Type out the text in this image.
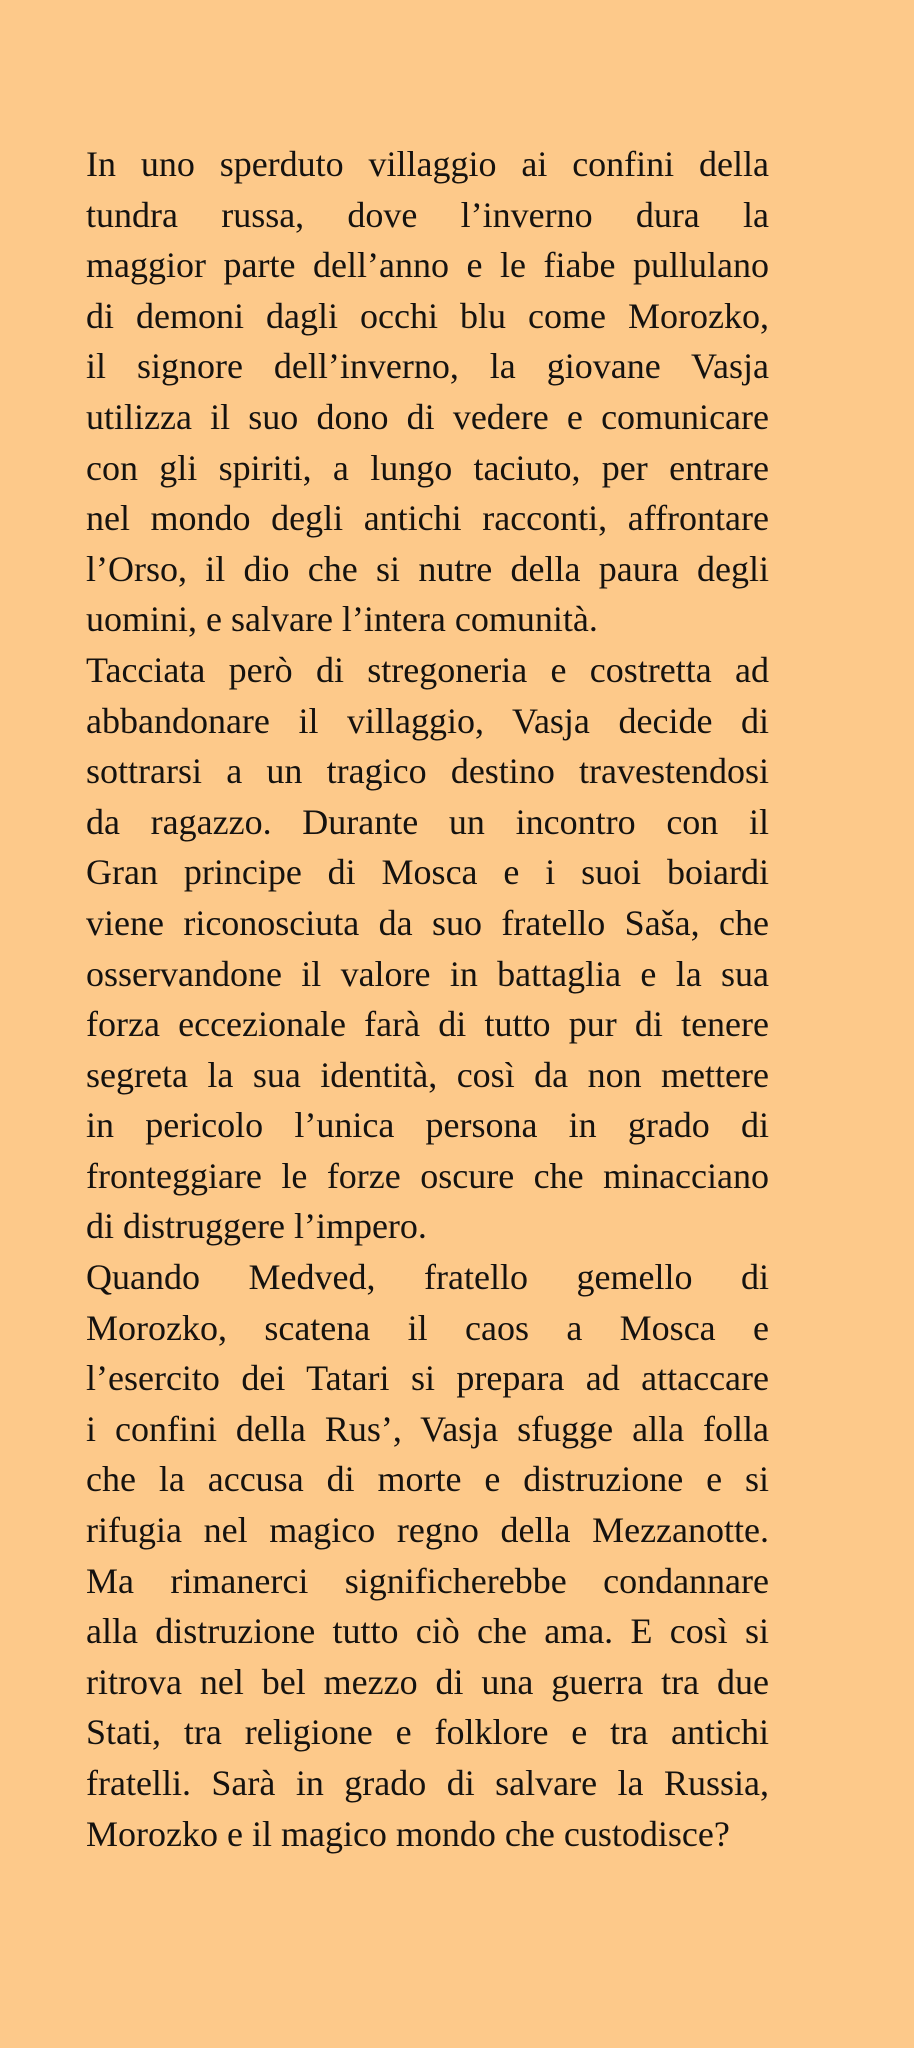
In uno sperduto villaggio ai confini della
tundra russa, dove l’inverno dura la
maggior parte dell’anno e le fiabe pullulano
di demoni dagli occhi blu come Morozko,
il signore dell’inverno, la giovane Vasja
utilizza il suo dono di vedere e comunicare
con gli spiriti, a lungo taciuto, per entrare
nel mondo degli antichi racconti, affrontare
l’Orso, il dio che si nutre della paura degli
uomini, e salvare l’intera comunità.

Tacciata però di stregoneria e costretta ad
abbandonare il villaggio, Vasja decide di
sottrarsi a un tragico destino travestendosi
da ragazzo. Durante un incontro con il
Gran principe di Mosca e i suoi boiardi
viene riconosciuta da suo fratello Saša, che
osservandone il valore in battaglia e la sua
forza eccezionale farà di tutto pur di tenere
segreta la sua identità, così da non mettere
in pericolo l’unica persona in grado di
fronteggiare le forze oscure che minacciano
di distruggere l’impero.

Quando Medved, fratello gemello di
Morozko, scatena il caos a Mosca e
l’esercito dei Tatari si prepara ad attaccare
i confini della Rus’, Vasja sfugge alla folla
che la accusa di morte e distruzione e si
rifugia nel magico regno della Mezzanotte.
Ma rimanerci significherebbe condannare
alla distruzione tutto ciò che ama. E così si
ritrova nel bel mezzo di una guerra tra due
Stati, tra religione e folklore e tra antichi
fratelli. Sarà in grado di salvare la Russia,
Morozko e il magico mondo che custodisce?
